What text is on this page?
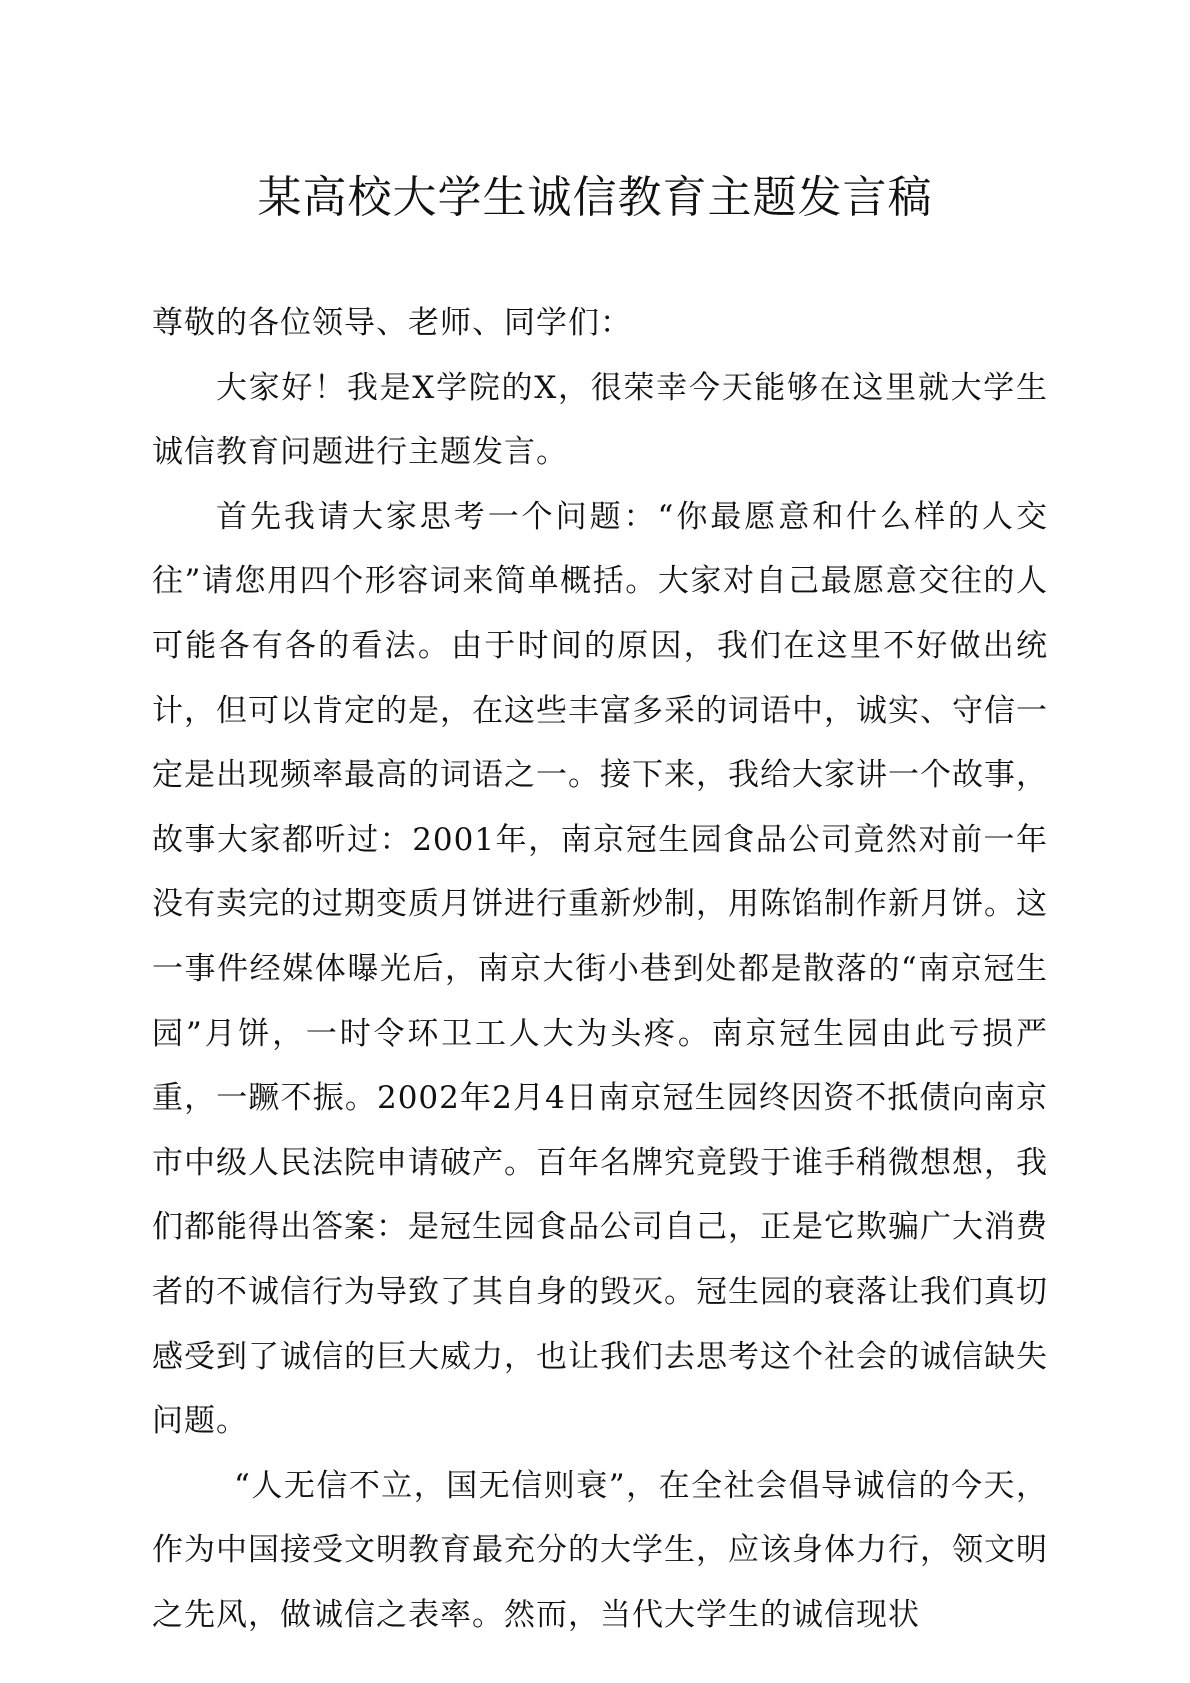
某高校大学生诚信教育主题发言稿

尊敬的各位领导、老师、同学们：

大家好！我是X学院的X，很荣幸今天能够在这里就大学生诚信教育问题进行主题发言。

首先我请大家思考一个问题：“你最愿意和什么样的人交往”请您用四个形容词来简单概括。大家对自己最愿意交往的人可能各有各的看法。由于时间的原因，我们在这里不好做出统计，但可以肯定的是，在这些丰富多采的词语中，诚实、守信一定是出现频率最高的词语之一。接下来，我给大家讲一个故事，故事大家都听过：2001年，南京冠生园食品公司竟然对前一年没有卖完的过期变质月饼进行重新炒制，用陈馅制作新月饼。这一事件经媒体曝光后，南京大街小巷到处都是散落的“南京冠生园”月饼，一时令环卫工人大为头疼。南京冠生园由此亏损严重，一蹶不振。2002年2月4日南京冠生园终因资不抵债向南京市中级人民法院申请破产。百年名牌究竟毁于谁手稍微想想，我们都能得出答案：是冠生园食品公司自己，正是它欺骗广大消费者的不诚信行为导致了其自身的毁灭。冠生园的衰落让我们真切感受到了诚信的巨大威力，也让我们去思考这个社会的诚信缺失问题。

“人无信不立，国无信则衰”，在全社会倡导诚信的今天，作为中国接受文明教育最充分的大学生，应该身体力行，领文明之先风，做诚信之表率。然而，当代大学生的诚信现状
